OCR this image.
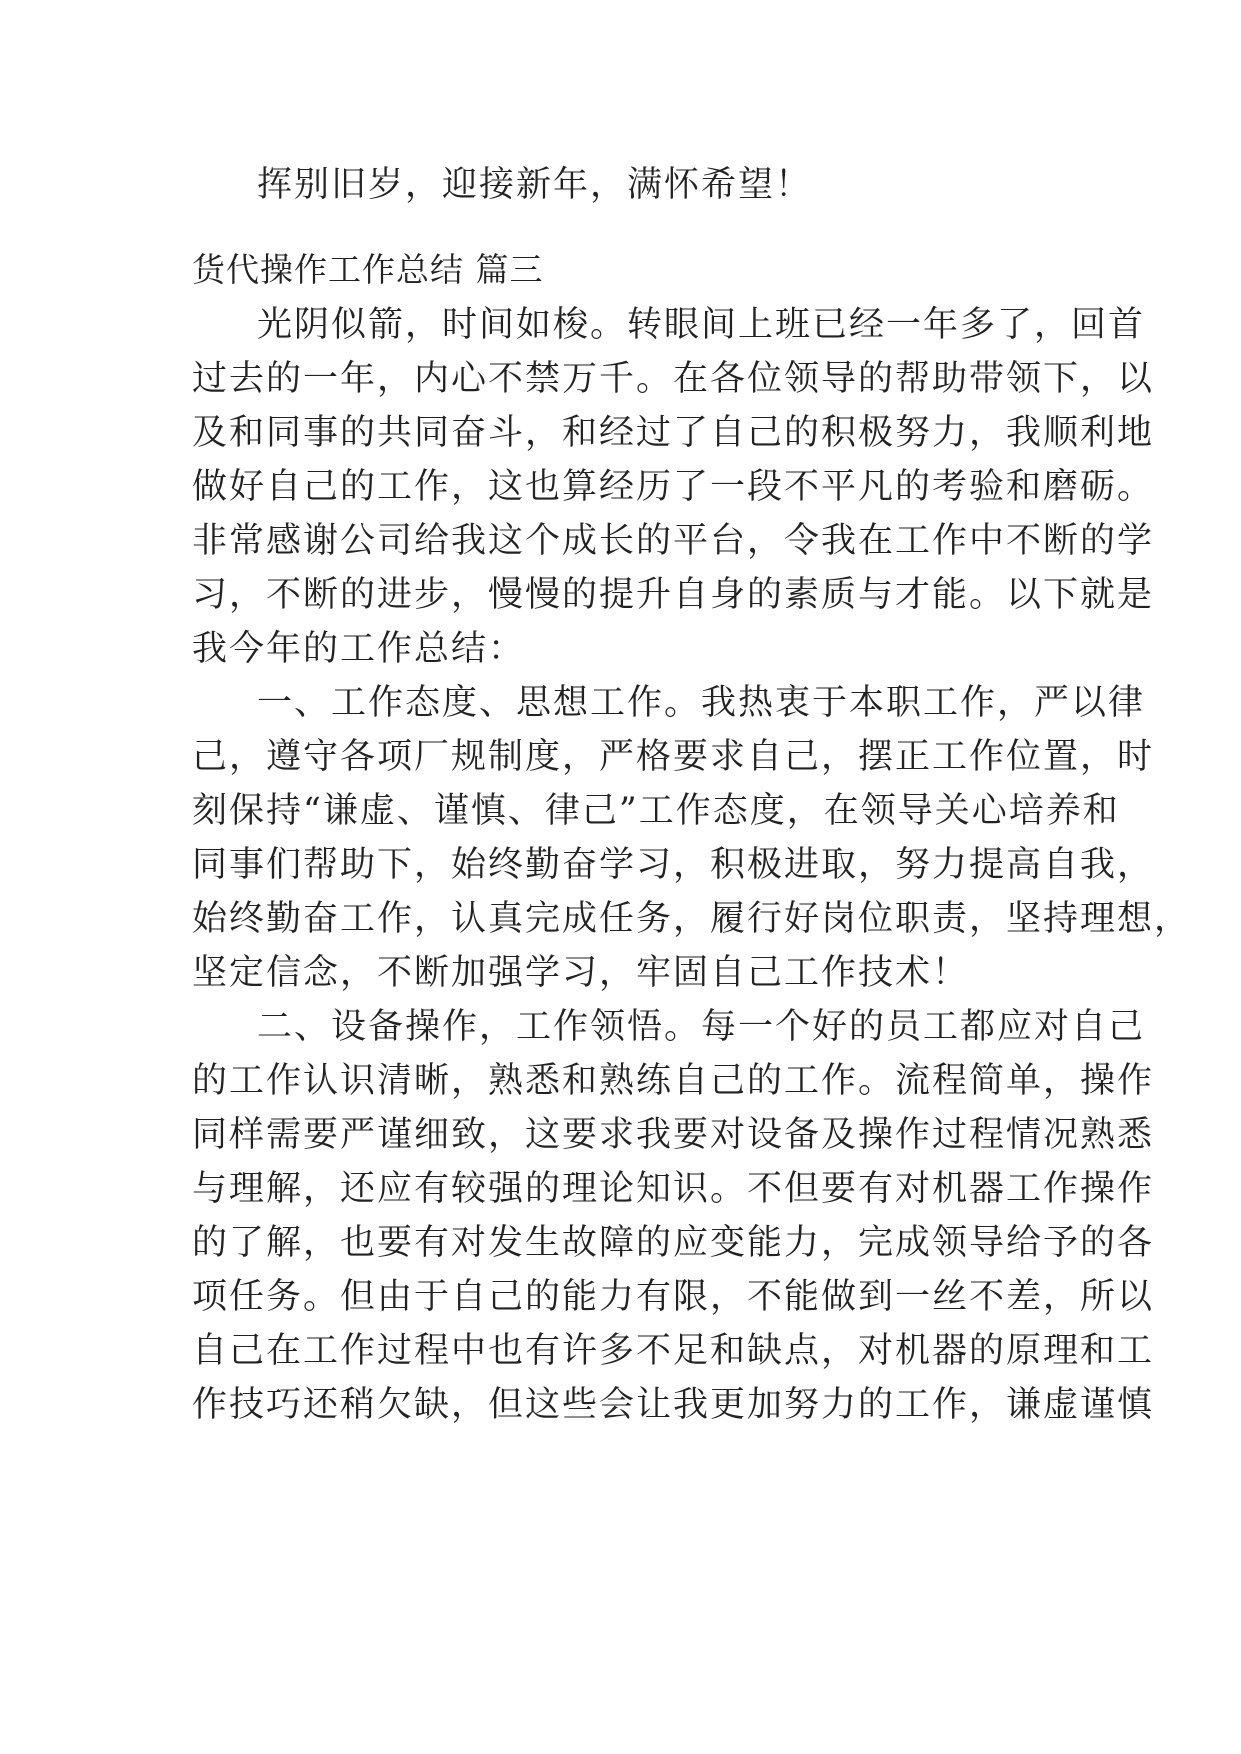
挥别旧岁，迎接新年，满怀希望！
货代操作工作总结 篇三
光阴似箭，时间如梭。转眼间上班已经一年多了，回首
过去的一年，内心不禁万千。在各位领导的帮助带领下，以
及和同事的共同奋斗，和经过了自己的积极努力，我顺利地
做好自己的工作，这也算经历了一段不平凡的考验和磨砺。
非常感谢公司给我这个成长的平台，令我在工作中不断的学
习，不断的进步，慢慢的提升自身的素质与才能。以下就是
我今年的工作总结：
一、工作态度、思想工作。我热衷于本职工作，严以律
己，遵守各项厂规制度，严格要求自己，摆正工作位置，时
刻保持“谦虚、谨慎、律己”工作态度，在领导关心培养和
同事们帮助下，始终勤奋学习，积极进取，努力提高自我，
始终勤奋工作，认真完成任务，履行好岗位职责，坚持理想，
坚定信念，不断加强学习，牢固自己工作技术！
二、设备操作，工作领悟。每一个好的员工都应对自己
的工作认识清晰，熟悉和熟练自己的工作。流程简单，操作
同样需要严谨细致，这要求我要对设备及操作过程情况熟悉
与理解，还应有较强的理论知识。不但要有对机器工作操作
的了解，也要有对发生故障的应变能力，完成领导给予的各
项任务。但由于自己的能力有限，不能做到一丝不差，所以
自己在工作过程中也有许多不足和缺点，对机器的原理和工
作技巧还稍欠缺，但这些会让我更加努力的工作，谦虚谨慎
